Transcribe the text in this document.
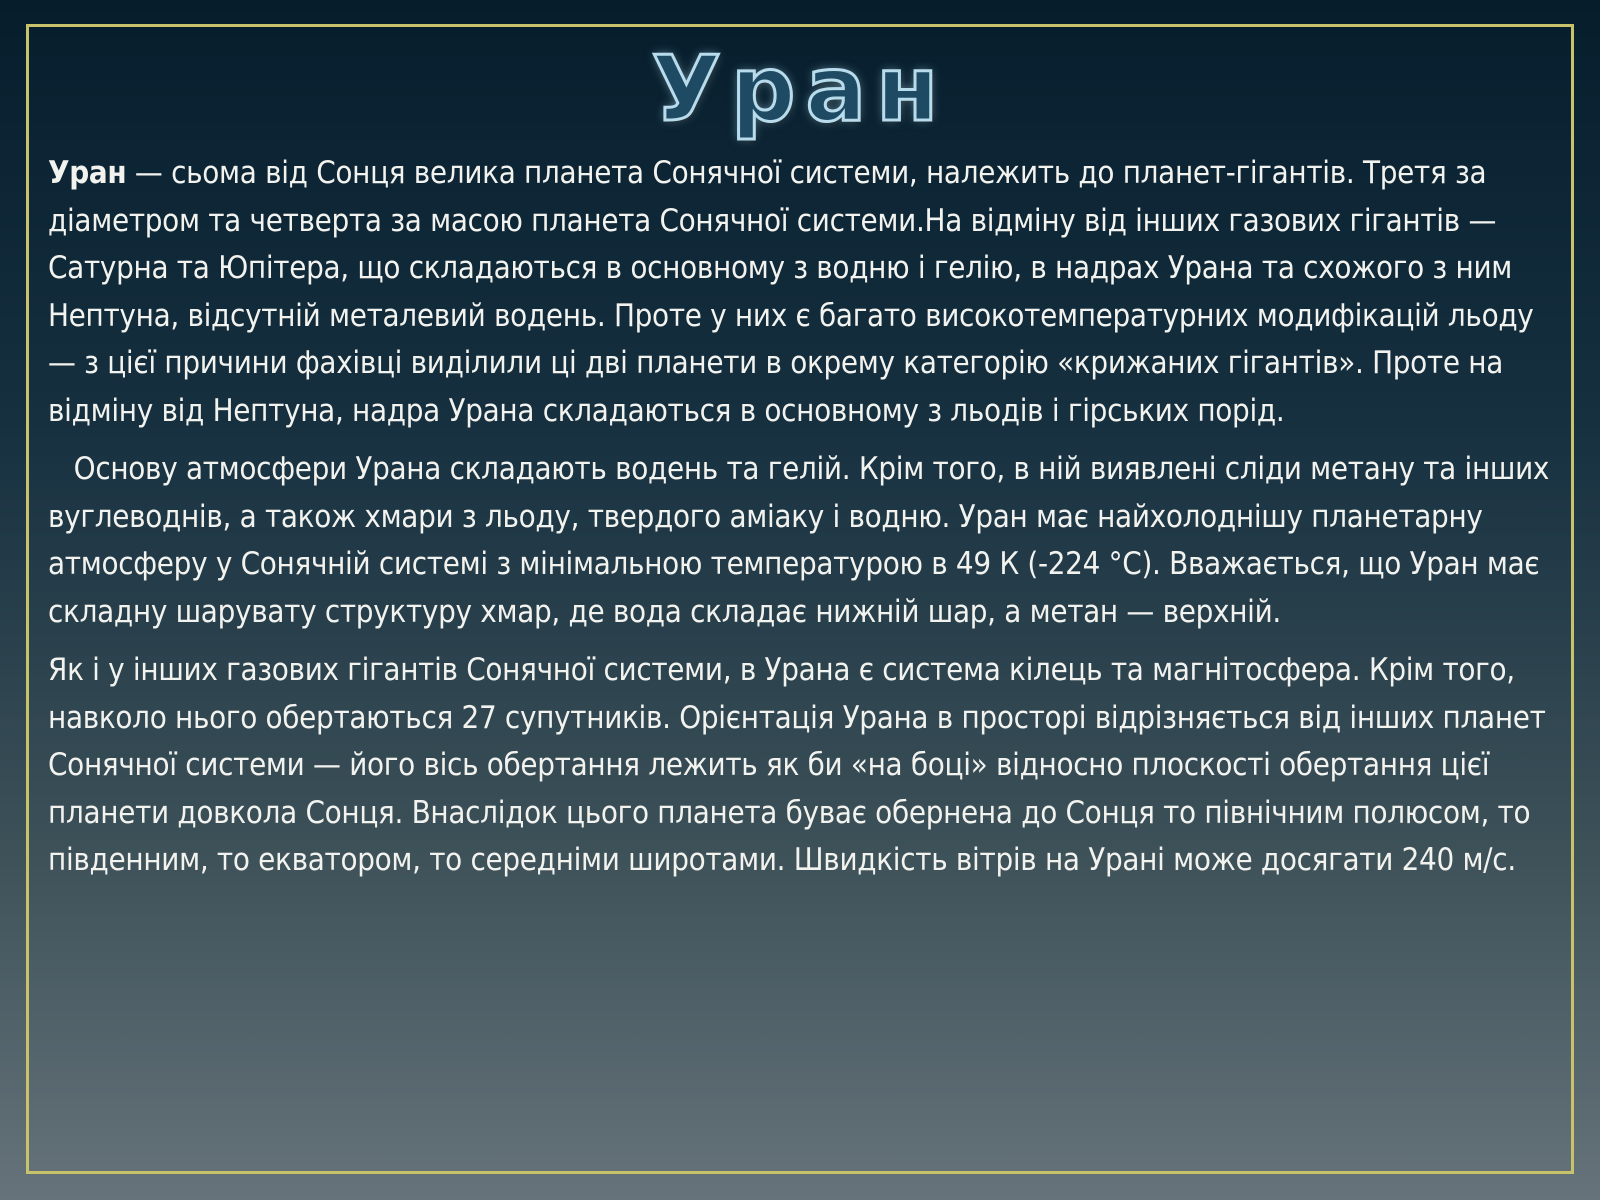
Уран

Уран — сьома від Сонця велика планета Сонячної системи, належить до планет-гігантів. Третя за діаметром та четверта за масою планета Сонячної системи.На відміну від інших газових гігантів — Сатурна та Юпітера, що складаються в основному з водню і гелію, в надрах Урана та схожого з ним Нептуна, відсутній металевий водень. Проте у них є багато високотемпературних модифікацій льоду — з цієї причини фахівці виділили ці дві планети в окрему категорію «крижаних гігантів». Проте на відміну від Нептуна, надра Урана складаються в основному з льодів і гірських порід.

Основу атмосфери Урана складають водень та гелій. Крім того, в ній виявлені сліди метану та інших вуглеводнів, а також хмари з льоду, твердого аміаку і водню. Уран має найхолоднішу планетарну атмосферу у Сонячній системі з мінімальною температурою в 49 К (-224 °С). Вважається, що Уран має складну шарувату структуру хмар, де вода складає нижній шар, а метан — верхній.

Як і у інших газових гігантів Сонячної системи, в Урана є система кілець та магнітосфера. Крім того, навколо нього обертаються 27 супутників. Орієнтація Урана в просторі відрізняється від інших планет Сонячної системи — його вісь обертання лежить як би «на боці» відносно плоскості обертання цієї планети довкола Сонця. Внаслідок цього планета буває обернена до Сонця то північним полюсом, то південним, то екватором, то середніми широтами. Швидкість вітрів на Урані може досягати 240 м/с.
